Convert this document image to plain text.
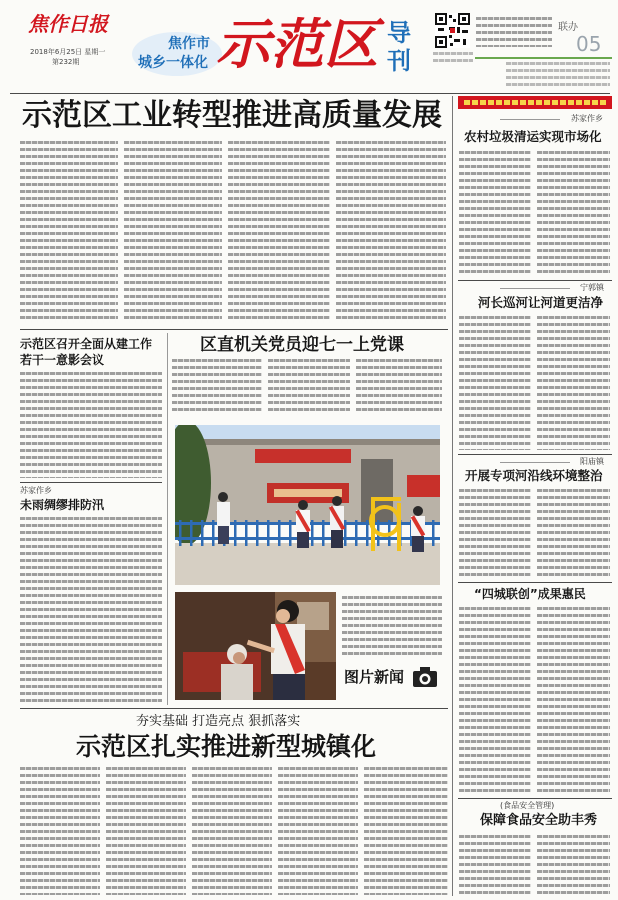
焦作日报
2018年6月25日 星期一
第232期
焦作市
城乡一体化 示范区 导
刊
联办
05
示范区工业转型推进高质量发展	苏家作乡
农村垃圾清运实现市场化
宁郭镇
河长巡河让河道更洁净
阳庙镇
开展专项河沿线环境整治
“四城联创”成果惠民
(食品安全管理)
保障食品安全助丰秀
示范区召开全面从建工作
若干一意影会议
苏家作乡
未雨绸缪排防汛
区直机关党员迎七一上党课
图片新闻
夯实基础 打造亮点 狠抓落实
示范区扎实推进新型城镇化
